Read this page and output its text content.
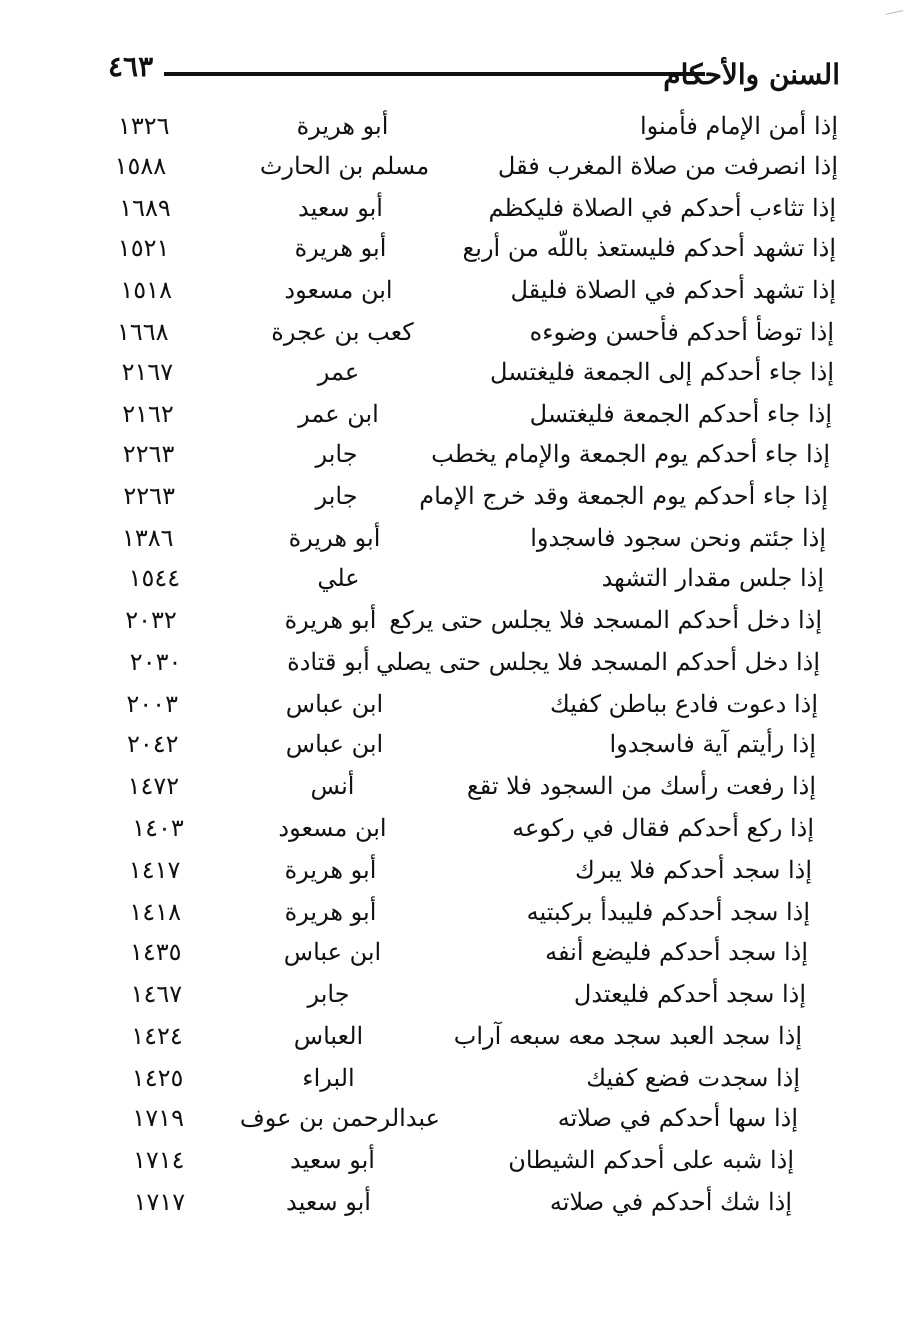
٤٦٣	السنن والأحكام
إذا أمن الإمام فأمنوا
أبو هريرة
١٣٢٦
إذا انصرفت من صلاة المغرب فقل
مسلم بن الحارث
١٥٨٨
إذا تثاءب أحدكم في الصلاة فليكظم
أبو سعيد
١٦٨٩
إذا تشهد أحدكم فليستعذ باللّه من أربع
أبو هريرة
١٥٢١
إذا تشهد أحدكم في الصلاة فليقل
ابن مسعود
١٥١٨
إذا توضأ أحدكم فأحسن وضوءه
كعب بن عجرة
١٦٦٨
إذا جاء أحدكم إلى الجمعة فليغتسل
عمر
٢١٦٧
إذا جاء أحدكم الجمعة فليغتسل
ابن عمر
٢١٦٢
إذا جاء أحدكم يوم الجمعة والإمام يخطب
جابر
٢٢٦٣
إذا جاء أحدكم يوم الجمعة وقد خرج الإمام
جابر
٢٢٦٣
إذا جئتم ونحن سجود فاسجدوا
أبو هريرة
١٣٨٦
إذا جلس مقدار التشهد
علي
١٥٤٤
إذا دخل أحدكم المسجد فلا يجلس حتى يركع
أبو هريرة
٢٠٣٢
إذا دخل أحدكم المسجد فلا يجلس حتى يصلي
أبو قتادة
٢٠٣٠
إذا دعوت فادع بباطن كفيك
ابن عباس
٢٠٠٣
إذا رأيتم آية فاسجدوا
ابن عباس
٢٠٤٢
إذا رفعت رأسك من السجود فلا تقع
أنس
١٤٧٢
إذا ركع أحدكم فقال في ركوعه
ابن مسعود
١٤٠٣
إذا سجد أحدكم فلا يبرك
أبو هريرة
١٤١٧
إذا سجد أحدكم فليبدأ بركبتيه
أبو هريرة
١٤١٨
إذا سجد أحدكم فليضع أنفه
ابن عباس
١٤٣٥
إذا سجد أحدكم فليعتدل
جابر
١٤٦٧
إذا سجد العبد سجد معه سبعه آراب
العباس
١٤٢٤
إذا سجدت فضع كفيك
البراء
١٤٢٥
إذا سها أحدكم في صلاته
عبدالرحمن بن عوف
١٧١٩
إذا شبه على أحدكم الشيطان
أبو سعيد
١٧١٤
إذا شك أحدكم في صلاته
أبو سعيد
١٧١٧
